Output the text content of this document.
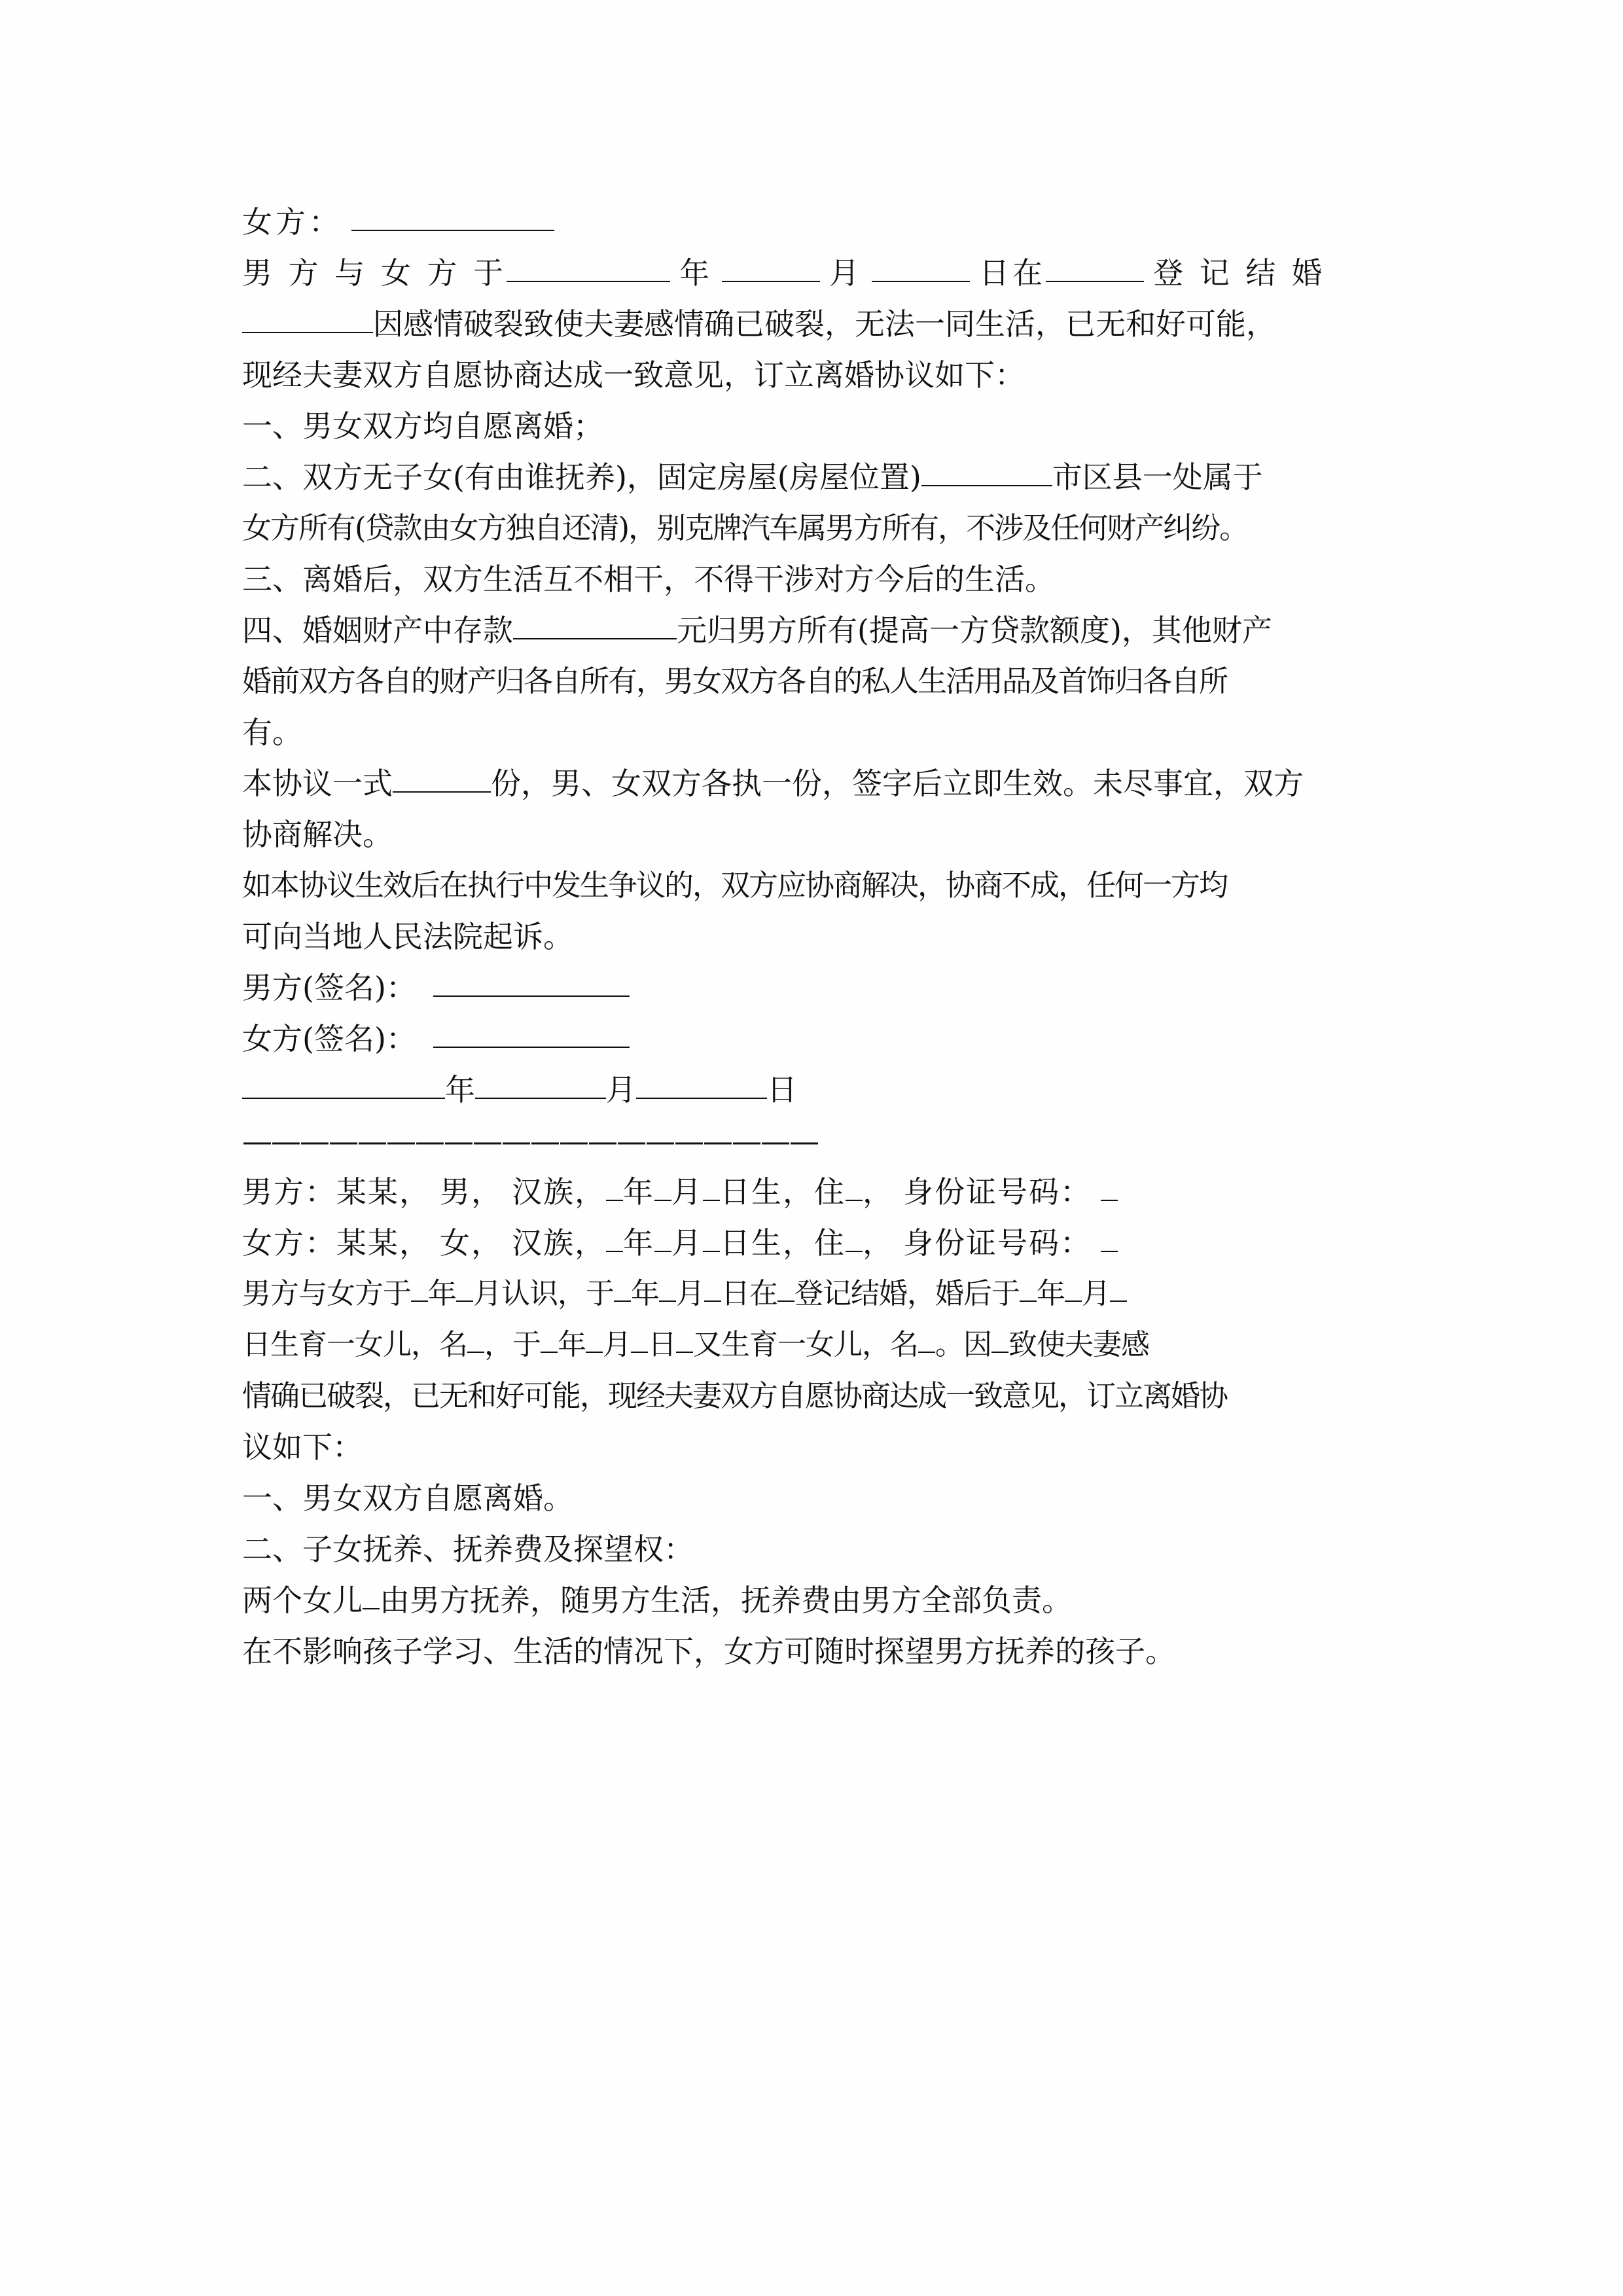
女方：
男 方 与 女 方 于	年	月	日在	登 记 结 婚
因感情破裂致使夫妻感情确已破裂，无法一同生活，已无和好可能，
现经夫妻双方自愿协商达成一致意见，订立离婚协议如下：
一、男女双方均自愿离婚；
二、双方无子女(有由谁抚养)，固定房屋(房屋位置)	市区县一处属于
女方所有(贷款由女方独自还清)，别克牌汽车属男方所有，不涉及任何财产纠纷。
三、离婚后，双方生活互不相干，不得干涉对方今后的生活。
四、婚姻财产中存款	元归男方所有(提高一方贷款额度)，其他财产
婚前双方各自的财产归各自所有，男女双方各自的私人生活用品及首饰归各自所
有。
本协议一式	份，男、女双方各执一份，签字后立即生效。未尽事宜，双方
协商解决。
如本协议生效后在执行中发生争议的，双方应协商解决，协商不成，任何一方均
可向当地人民法院起诉。
男方(签名)：
女方(签名)：
年	月	日
————————————————————
男方：某某， 男， 汉族， 年 月 日生，住 ， 身份证号码：
女方：某某， 女， 汉族， 年 月 日生，住 ， 身份证号码：
男方与女方于 年 月认识，于 年 月 日在 登记结婚，婚后于 年 月
日生育一女儿，名 ，于 年 月 日 又生育一女儿，名 。因 致使夫妻感
情确已破裂，已无和好可能，现经夫妻双方自愿协商达成一致意见，订立离婚协
议如下：
一、男女双方自愿离婚。
二、子女抚养、抚养费及探望权：
两个女儿 由男方抚养，随男方生活，抚养费由男方全部负责。
在不影响孩子学习、生活的情况下，女方可随时探望男方抚养的孩子。
